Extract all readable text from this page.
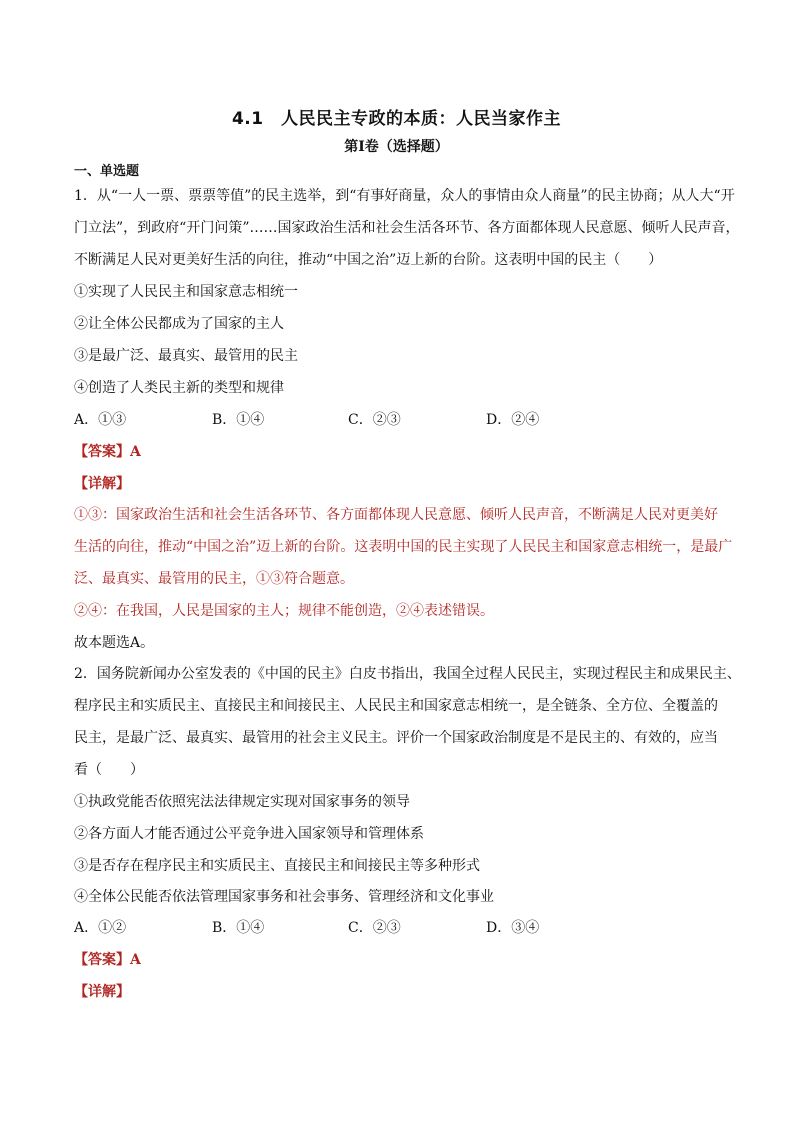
4.1　人民民主专政的本质：人民当家作主
第I卷（选择题）
一、单选题
1．从“一人一票、票票等值”的民主选举，到“有事好商量，众人的事情由众人商量”的民主协商；从人大“开
门立法”，到政府“开门问策”……国家政治生活和社会生活各环节、各方面都体现人民意愿、倾听人民声音，
不断满足人民对更美好生活的向往，推动“中国之治”迈上新的台阶。这表明中国的民主（　　）
①实现了人民民主和国家意志相统一
②让全体公民都成为了国家的主人
③是最广泛、最真实、最管用的民主
④创造了人类民主新的类型和规律
A．①③	B．①④	C．②③	D．②④
【答案】A
【详解】
①③：国家政治生活和社会生活各环节、各方面都体现人民意愿、倾听人民声音，不断满足人民对更美好
生活的向往，推动“中国之治”迈上新的台阶。这表明中国的民主实现了人民民主和国家意志相统一，是最广
泛、最真实、最管用的民主，①③符合题意。
②④：在我国，人民是国家的主人；规律不能创造，②④表述错误。
故本题选A。
2．国务院新闻办公室发表的《中国的民主》白皮书指出，我国全过程人民民主，实现过程民主和成果民主、
程序民主和实质民主、直接民主和间接民主、人民民主和国家意志相统一，是全链条、全方位、全覆盖的
民主，是最广泛、最真实、最管用的社会主义民主。评价一个国家政治制度是不是民主的、有效的，应当
看（　　）
①执政党能否依照宪法法律规定实现对国家事务的领导
②各方面人才能否通过公平竞争进入国家领导和管理体系
③是否存在程序民主和实质民主、直接民主和间接民主等多种形式
④全体公民能否依法管理国家事务和社会事务、管理经济和文化事业
A．①②	B．①④	C．②③	D．③④
【答案】A
【详解】
